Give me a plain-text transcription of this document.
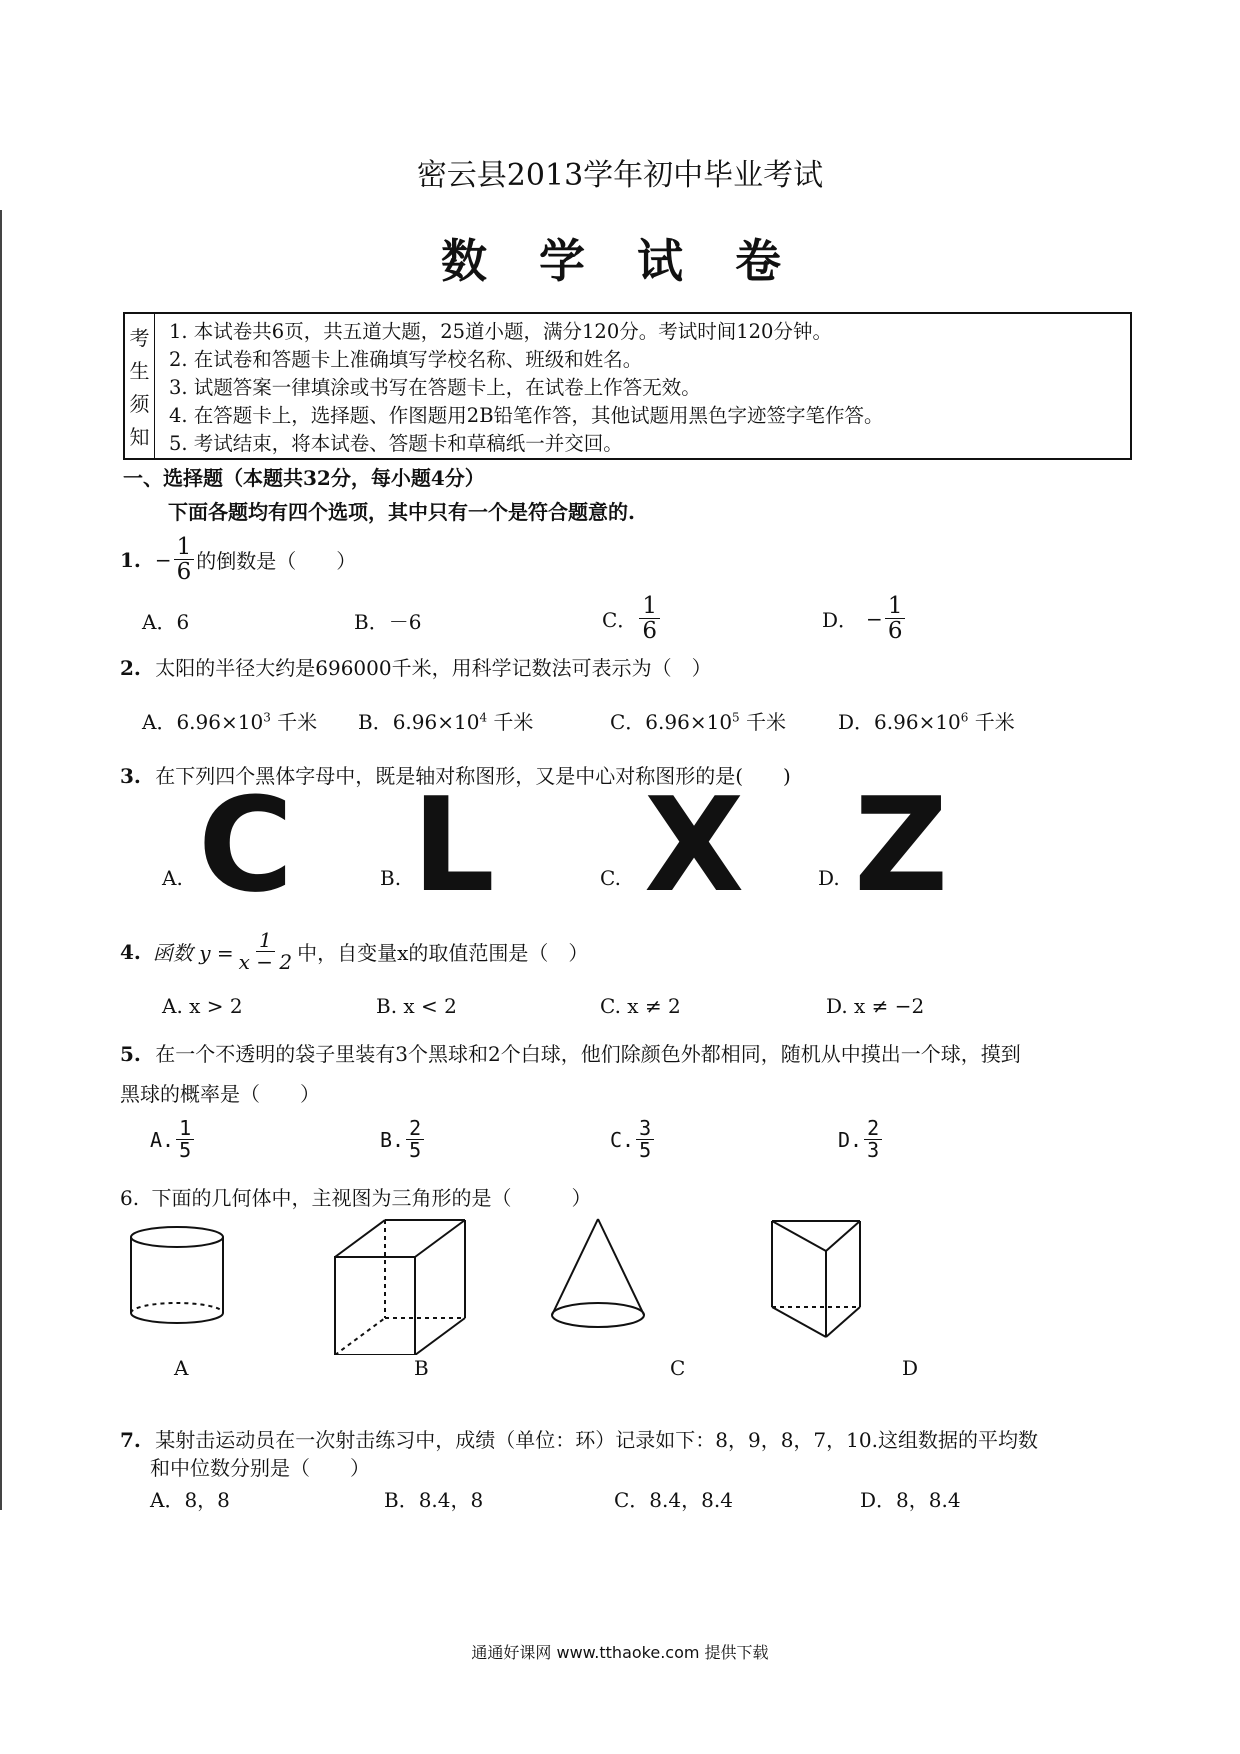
密云县2013学年初中毕业考试
数 学 试 卷
考
生
须
知
1. 本试卷共6页，共五道大题，25道小题，满分120分。考试时间120分钟。
2. 在试卷和答题卡上准确填写学校名称、班级和姓名。
3. 试题答案一律填涂或书写在答题卡上，在试卷上作答无效。
4. 在答题卡上，选择题、作图题用2B铅笔作答，其他试题用黑色字迹签字笔作答。
5. 考试结束，将本试卷、答题卡和草稿纸一并交回。
一、选择题（本题共32分，每小题4分）
下面各题均有四个选项，其中只有一个是符合题意的.
1. − $\frac{1}{6}$ 的倒数是（　　）
A．6	B．－6	C． $\frac{1}{6}$	D． − $\frac{1}{6}$
2. 太阳的半径大约是696000千米，用科学记数法可表示为（　）
A．$6.96\times 10^3$ 千米 B．$6.96\times 10^4$ 千米	C．$6.96\times 10^5$ 千米	D．$6.96\times 10^6$ 千米
3. 在下列四个黑体字母中，既是轴对称图形，又是中心对称图形的是(　　)
A. C	B. L	C. X	D. Z
4. 函数 $y = \frac{1}{x - 2}$ 中，自变量x的取值范围是（　）
A. x > 2	B. x < 2	C. x ≠ 2	D. x ≠ −2
5. 在一个不透明的袋子里装有3个黑球和2个白球，他们除颜色外都相同，随机从中摸出一个球，摸到
黑球的概率是（　　）
A. $\frac{1}{5}$	B. $\frac{2}{5}$	C. $\frac{3}{5}$	D. $\frac{2}{3}$
6. 下面的几何体中，主视图为三角形的是（　　　）
A	B	C	D
7. 某射击运动员在一次射击练习中，成绩（单位：环）记录如下：8，9，8，7，10.这组数据的平均数
和中位数分别是（　　）
A．8，8	B．8.4，8	C．8.4，8.4	D．8，8.4
通通好课网 www.tthaoke.com 提供下载
